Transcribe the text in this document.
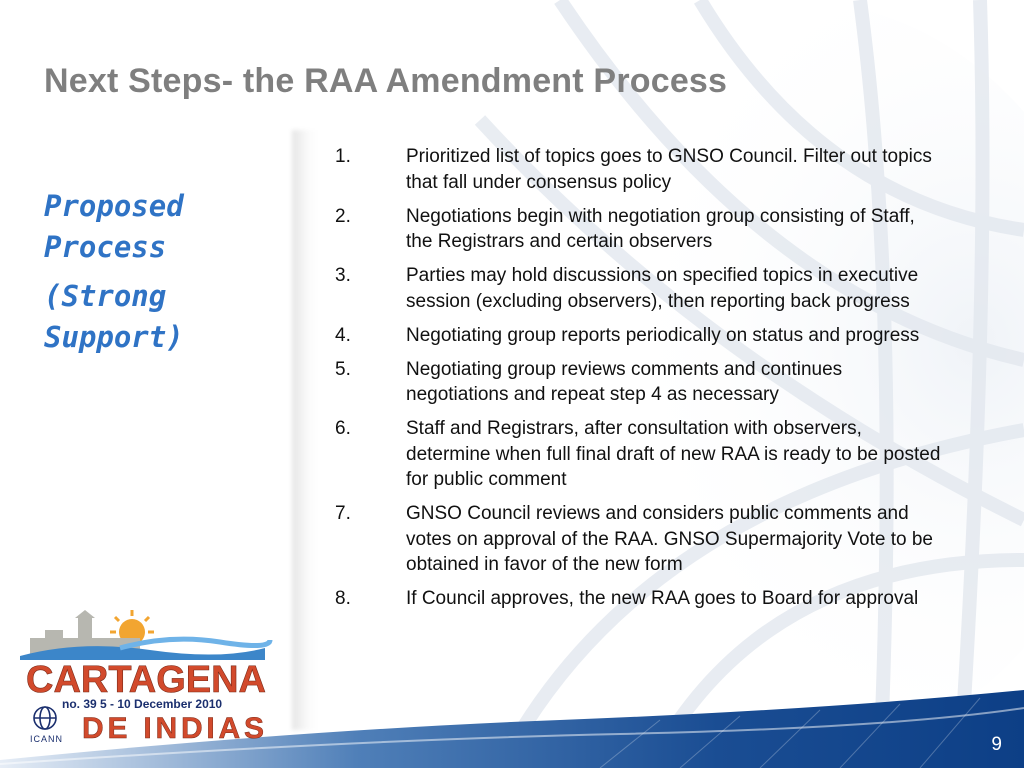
Next Steps- the RAA Amendment Process

Proposed Process

(Strong Support)

1.	Prioritized list of topics goes to GNSO Council. Filter out topics that fall under consensus policy
2.	Negotiations begin with negotiation group consisting of Staff, the Registrars and certain observers
3.	Parties may hold discussions on specified topics in executive session (excluding observers), then reporting back progress
4.	Negotiating group reports periodically on status and progress
5.	Negotiating group reviews comments and continues negotiations and repeat step 4 as necessary
6.	Staff and Registrars, after consultation with observers, determine when full final draft of new RAA is ready to be posted for public comment
7.	GNSO Council reviews and considers public comments and votes on approval of the RAA. GNSO Supermajority Vote to be obtained in favor of the new form
8.	If Council approves, the new RAA goes to Board for approval
CARTAGENA
no. 39 5 - 10 December 2010
ICANN DE INDIAS	9
